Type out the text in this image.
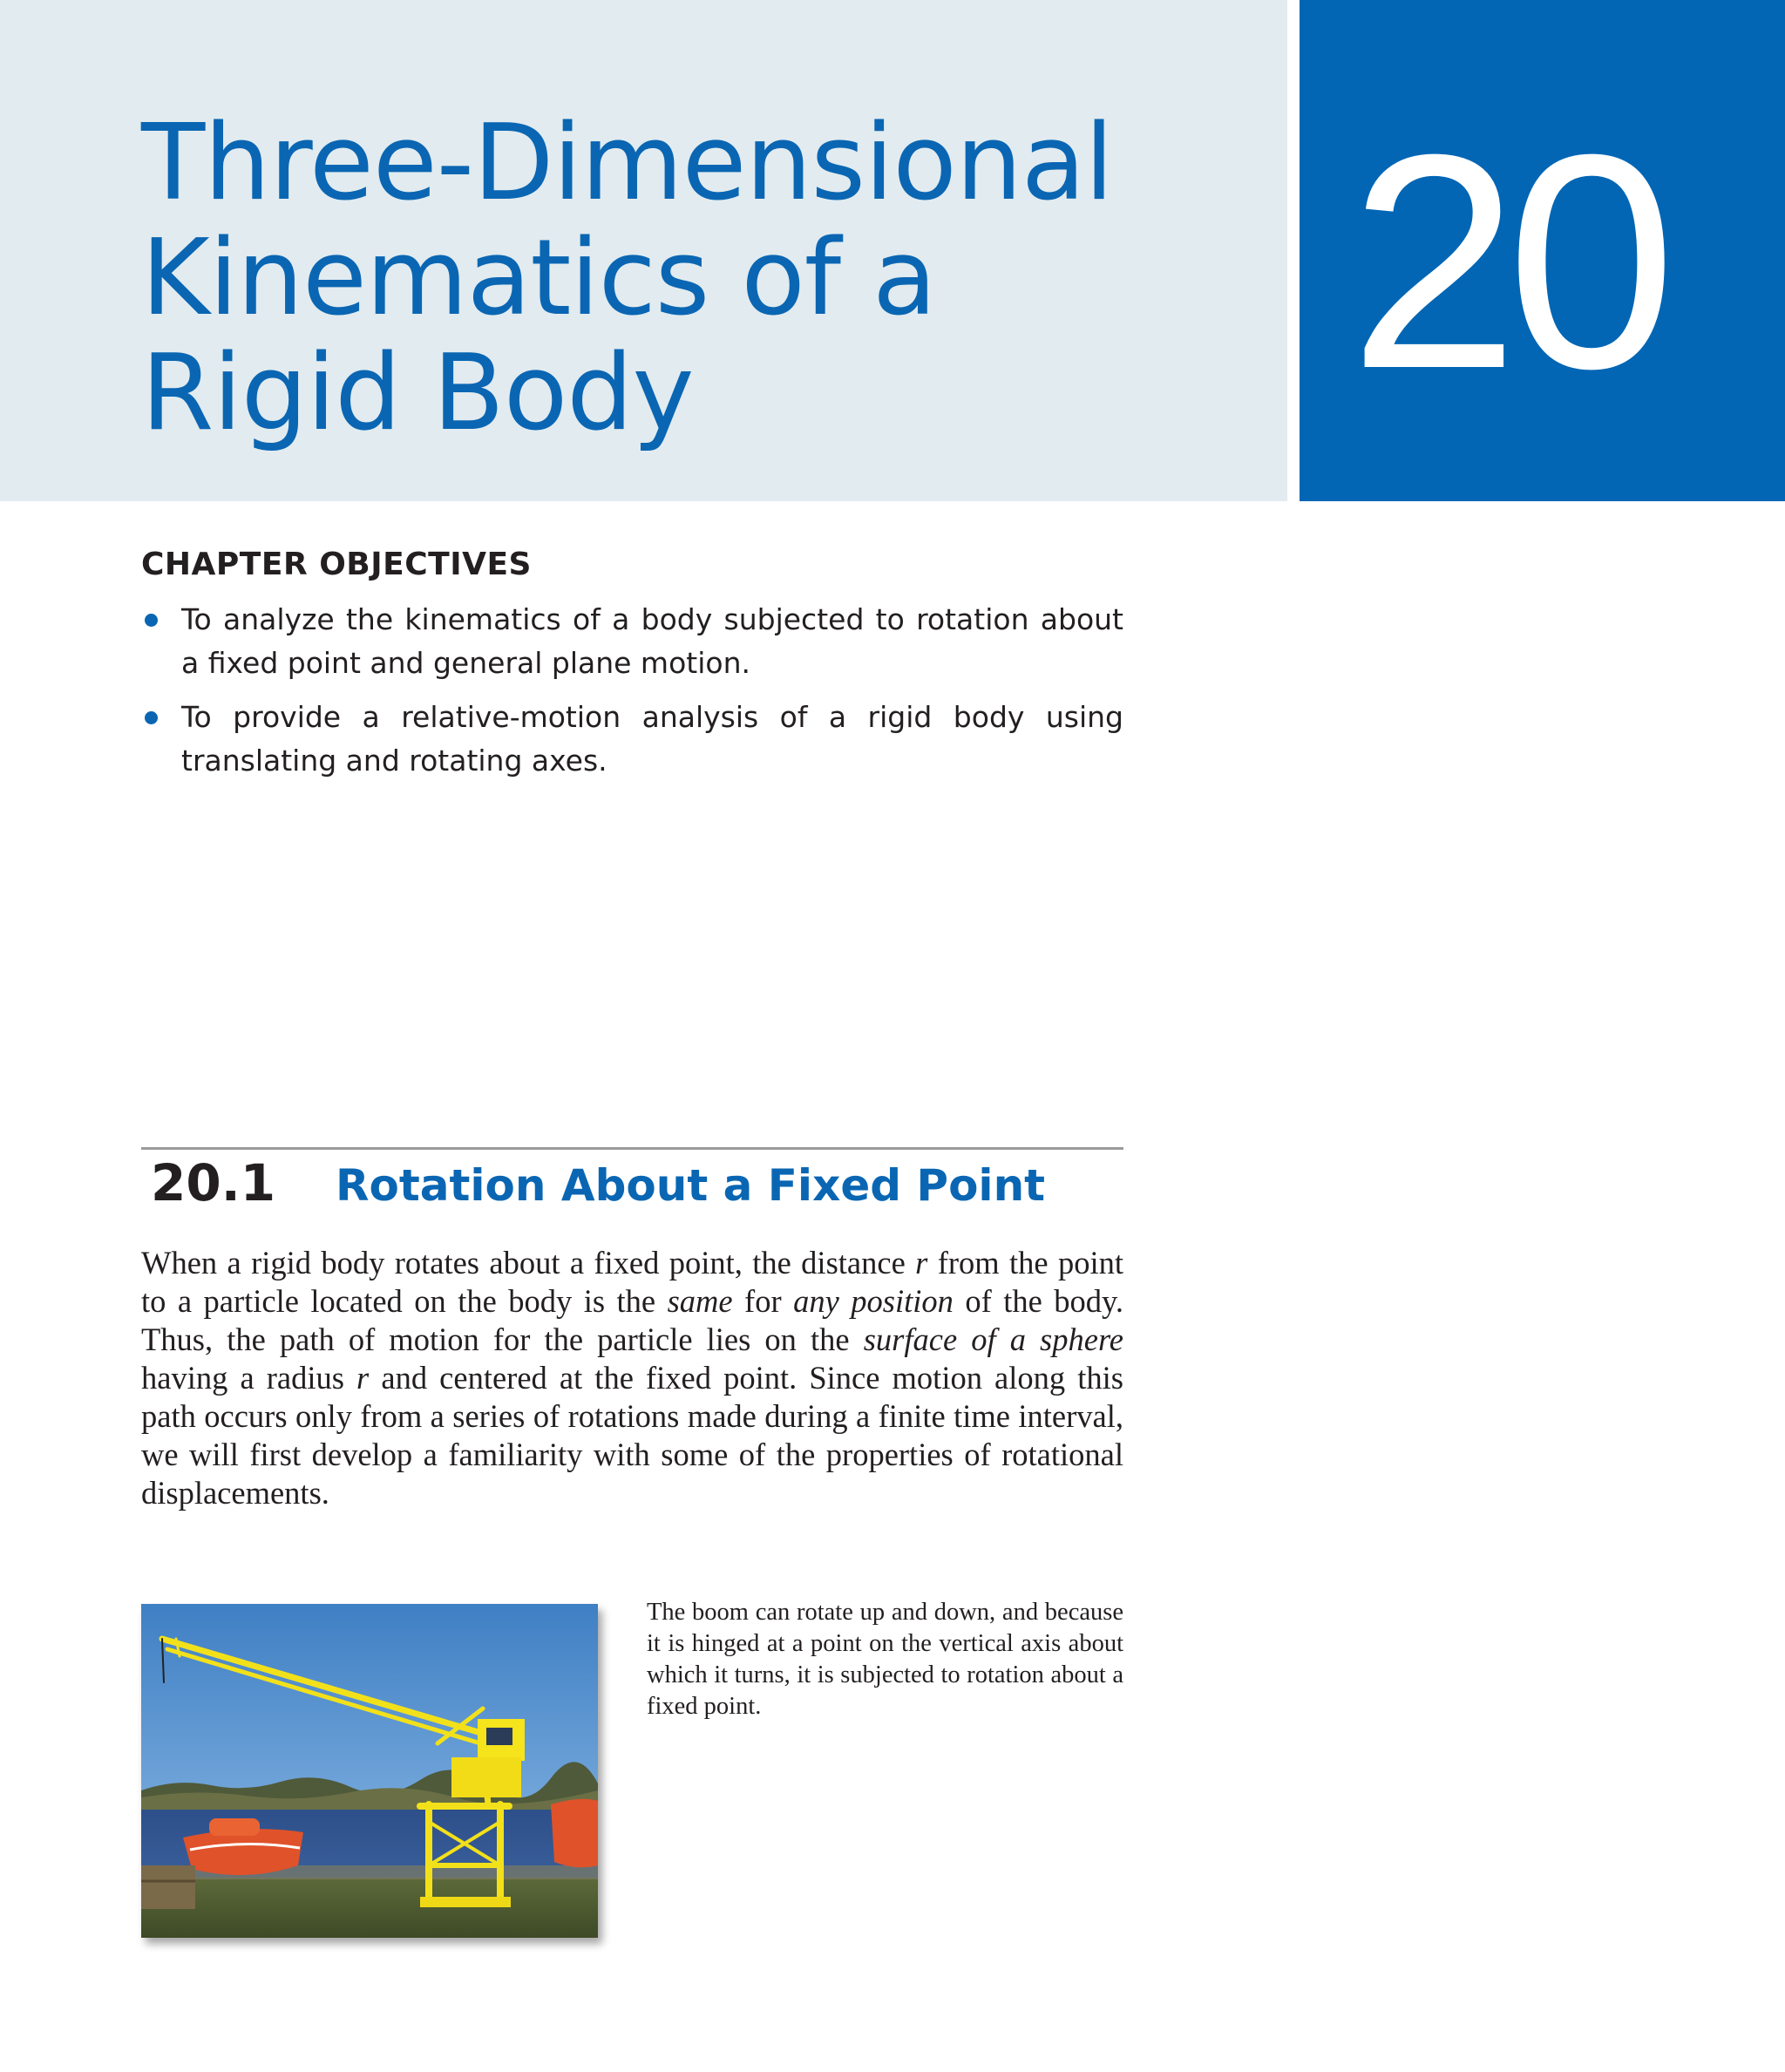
Three-Dimensional
Kinematics of a
Rigid Body	20
CHAPTER OBJECTIVES
To analyze the kinematics of a body subjected to rotation about a fixed point and general plane motion.
To provide a relative-motion analysis of a rigid body using translating and rotating axes.
20.1 Rotation About a Fixed Point

When a rigid body rotates about a fixed point, the distance r from the point to a particle located on the body is the same for any position of the body. Thus, the path of motion for the particle lies on the surface of a sphere having a radius r and centered at the fixed point. Since motion along this path occurs only from a series of rotations made during a finite time interval, we will first develop a familiarity with some of the properties of rotational displacements.

The boom can rotate up and down, and because it is hinged at a point on the vertical axis about which it turns, it is subjected to rotation about a fixed point.
